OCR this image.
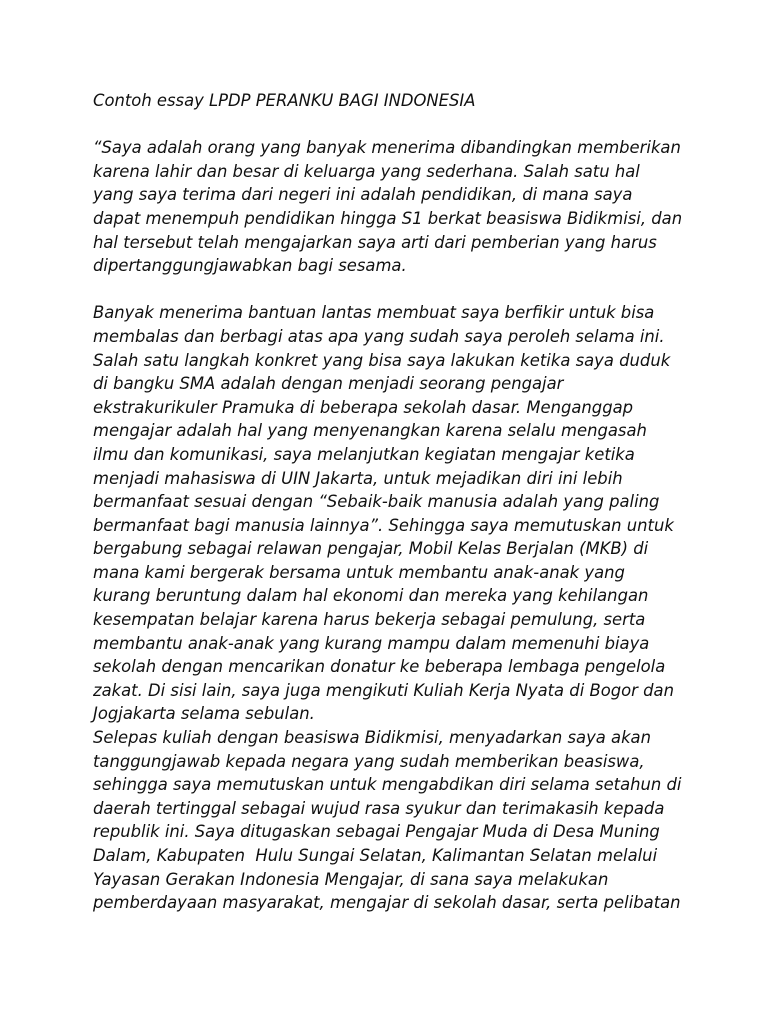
Contoh essay LPDP PERANKU BAGI INDONESIA
“Saya adalah orang yang banyak menerima dibandingkan memberikan
karena lahir dan besar di keluarga yang sederhana. Salah satu hal
yang saya terima dari negeri ini adalah pendidikan, di mana saya
dapat menempuh pendidikan hingga S1 berkat beasiswa Bidikmisi, dan
hal tersebut telah mengajarkan saya arti dari pemberian yang harus
dipertanggungjawabkan bagi sesama.
Banyak menerima bantuan lantas membuat saya berfikir untuk bisa
membalas dan berbagi atas apa yang sudah saya peroleh selama ini.
Salah satu langkah konkret yang bisa saya lakukan ketika saya duduk
di bangku SMA adalah dengan menjadi seorang pengajar
ekstrakurikuler Pramuka di beberapa sekolah dasar. Menganggap
mengajar adalah hal yang menyenangkan karena selalu mengasah
ilmu dan komunikasi, saya melanjutkan kegiatan mengajar ketika
menjadi mahasiswa di UIN Jakarta, untuk mejadikan diri ini lebih
bermanfaat sesuai dengan “Sebaik-baik manusia adalah yang paling
bermanfaat bagi manusia lainnya”. Sehingga saya memutuskan untuk
bergabung sebagai relawan pengajar, Mobil Kelas Berjalan (MKB) di
mana kami bergerak bersama untuk membantu anak-anak yang
kurang beruntung dalam hal ekonomi dan mereka yang kehilangan
kesempatan belajar karena harus bekerja sebagai pemulung, serta
membantu anak-anak yang kurang mampu dalam memenuhi biaya
sekolah dengan mencarikan donatur ke beberapa lembaga pengelola
zakat. Di sisi lain, saya juga mengikuti Kuliah Kerja Nyata di Bogor dan
Jogjakarta selama sebulan.
Selepas kuliah dengan beasiswa Bidikmisi, menyadarkan saya akan
tanggungjawab kepada negara yang sudah memberikan beasiswa,
sehingga saya memutuskan untuk mengabdikan diri selama setahun di
daerah tertinggal sebagai wujud rasa syukur dan terimakasih kepada
republik ini. Saya ditugaskan sebagai Pengajar Muda di Desa Muning
Dalam, Kabupaten  Hulu Sungai Selatan, Kalimantan Selatan melalui
Yayasan Gerakan Indonesia Mengajar, di sana saya melakukan
pemberdayaan masyarakat, mengajar di sekolah dasar, serta pelibatan
